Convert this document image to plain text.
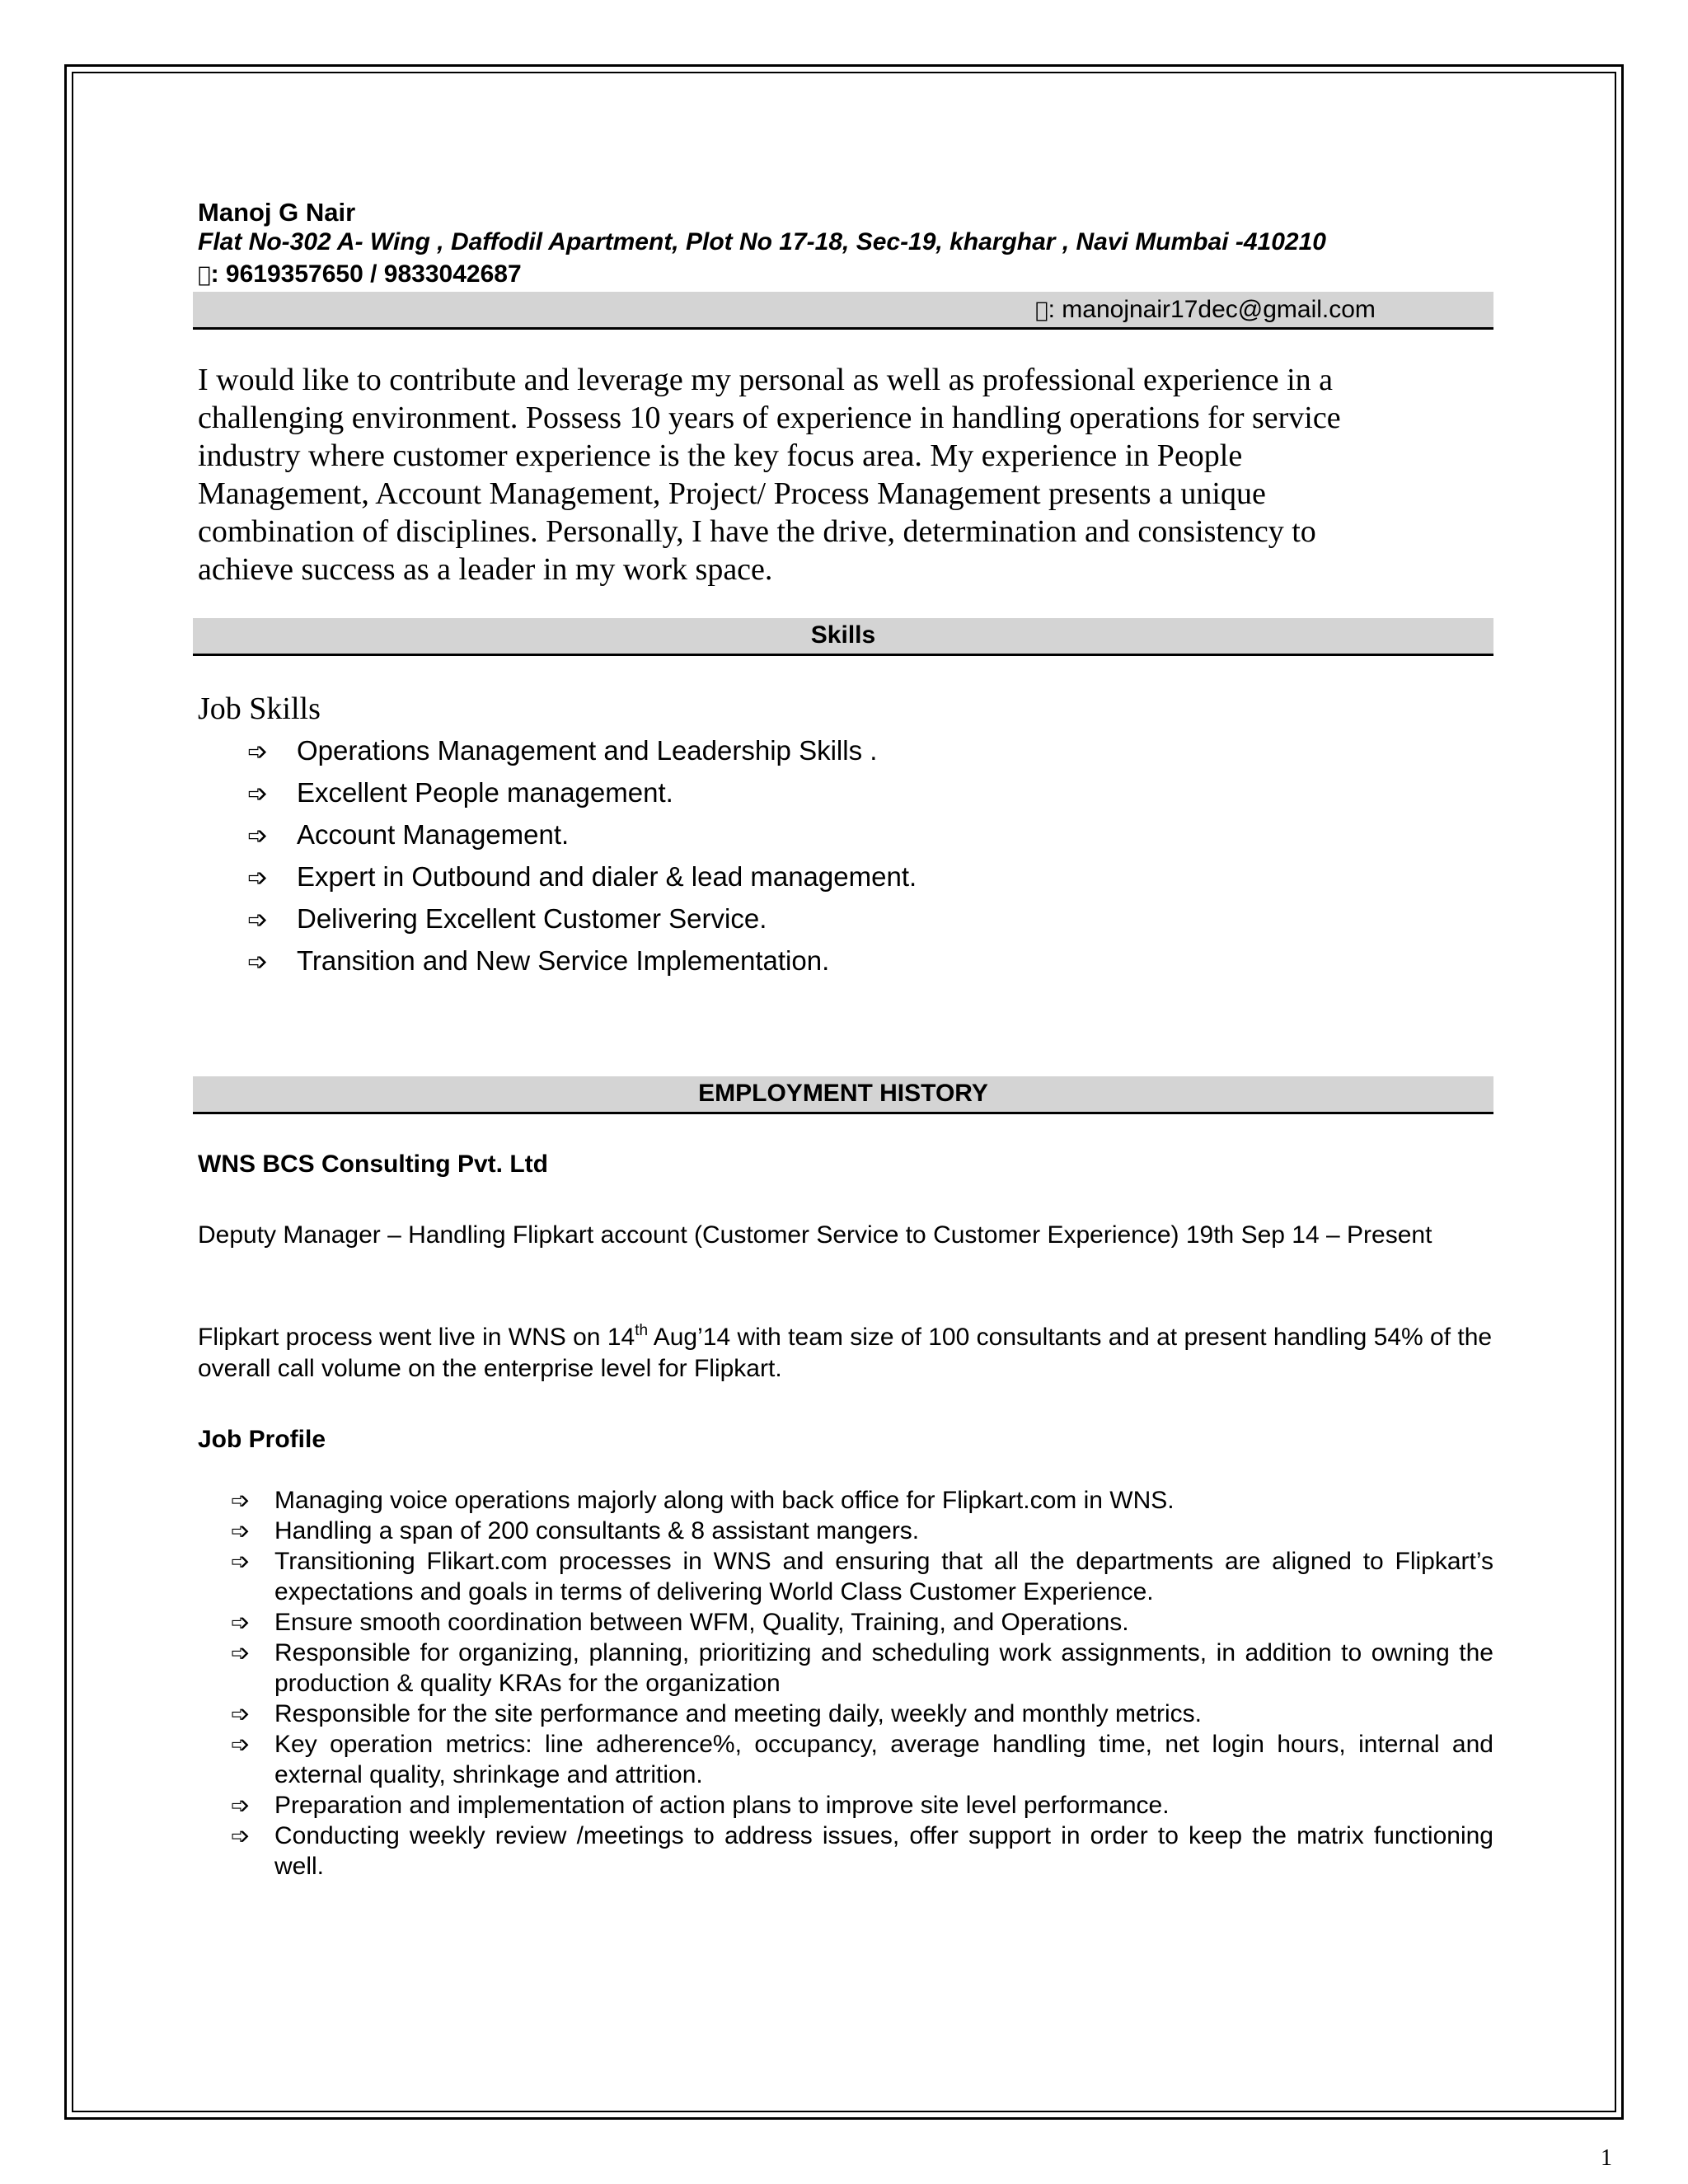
Manoj G Nair
Flat No-302 A- Wing , Daffodil Apartment, Plot No 17-18, Sec-19, kharghar , Navi Mumbai -410210
: 9619357650 / 9833042687
: manojnair17dec@gmail.com

I would like to contribute and leverage my personal as well as professional experience in a

challenging environment. Possess 10 years of experience in handling operations for service

industry where customer experience is the key focus area. My experience in People

Management, Account Management, Project/ Process Management presents a unique

combination of disciplines. Personally, I have the drive, determination and consistency to

achieve success as a leader in my work space.

Skills
Job Skills
➩ Operations Management and Leadership Skills .
➩ Excellent People management.
➩ Account Management.
➩ Expert in Outbound and dialer & lead management.
➩ Delivering Excellent Customer Service.
➩ Transition and New Service Implementation.
EMPLOYMENT HISTORY
WNS BCS Consulting Pvt. Ltd
Deputy Manager – Handling Flipkart account (Customer Service to Customer Experience) 19th Sep 14 – Present
Flipkart process went live in WNS on 14th Aug’14 with team size of 100 consultants and at present handling 54% of the overall call volume on the enterprise level for Flipkart.
Job Profile
➩ Managing voice operations majorly along with back office for Flipkart.com in WNS.
➩ Handling a span of 200 consultants & 8 assistant mangers.
➩ Transitioning Flikart.com processes in WNS and ensuring that all the departments are aligned to Flipkart’s expectations and goals in terms of delivering World Class Customer Experience.
➩ Ensure smooth coordination between WFM, Quality, Training, and Operations.
➩ Responsible for organizing, planning, prioritizing and scheduling work assignments, in addition to owning the production & quality KRAs for the organization
➩ Responsible for the site performance and meeting daily, weekly and monthly metrics.
➩ Key operation metrics: line adherence%, occupancy, average handling time, net login hours, internal and external quality, shrinkage and attrition.
➩ Preparation and implementation of action plans to improve site level performance.
➩ Conducting weekly review /meetings to address issues, offer support in order to keep the matrix functioning well.
1
